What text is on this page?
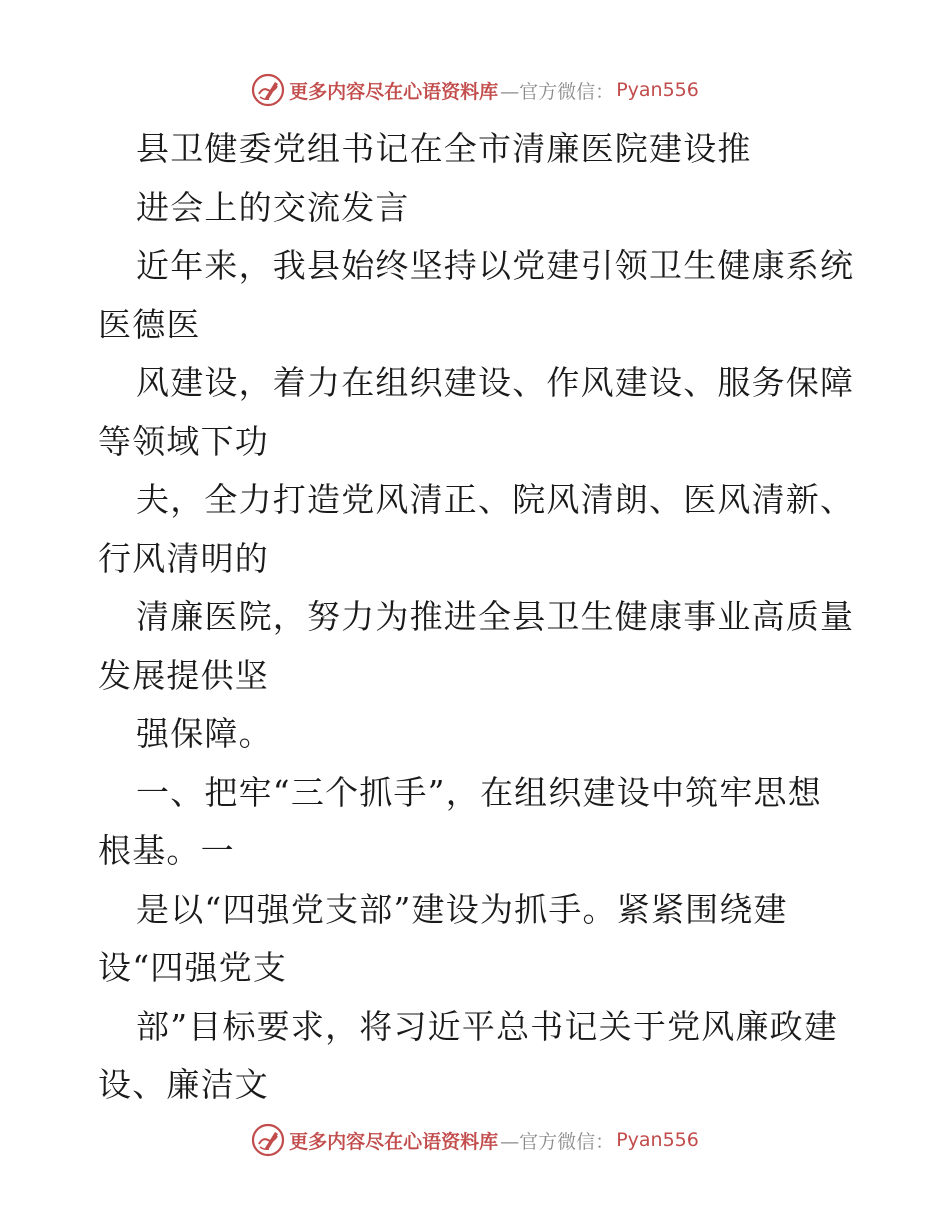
更多内容尽在心语资料库 —官方微信： Pyan556
县卫健委党组书记在全市清廉医院建设推
进会上的交流发言
近年来，我县始终坚持以党建引领卫生健康系统
医德医
风建设，着力在组织建设、作风建设、服务保障
等领域下功
夫，全力打造党风清正、院风清朗、医风清新、
行风清明的
清廉医院，努力为推进全县卫生健康事业高质量
发展提供坚
强保障。
一、把牢“三个抓手”，在组织建设中筑牢思想
根基。一
是以“四强党支部”建设为抓手。紧紧围绕建
设“四强党支
部”目标要求，将习近平总书记关于党风廉政建
设、廉洁文
更多内容尽在心语资料库 —官方微信： Pyan556
